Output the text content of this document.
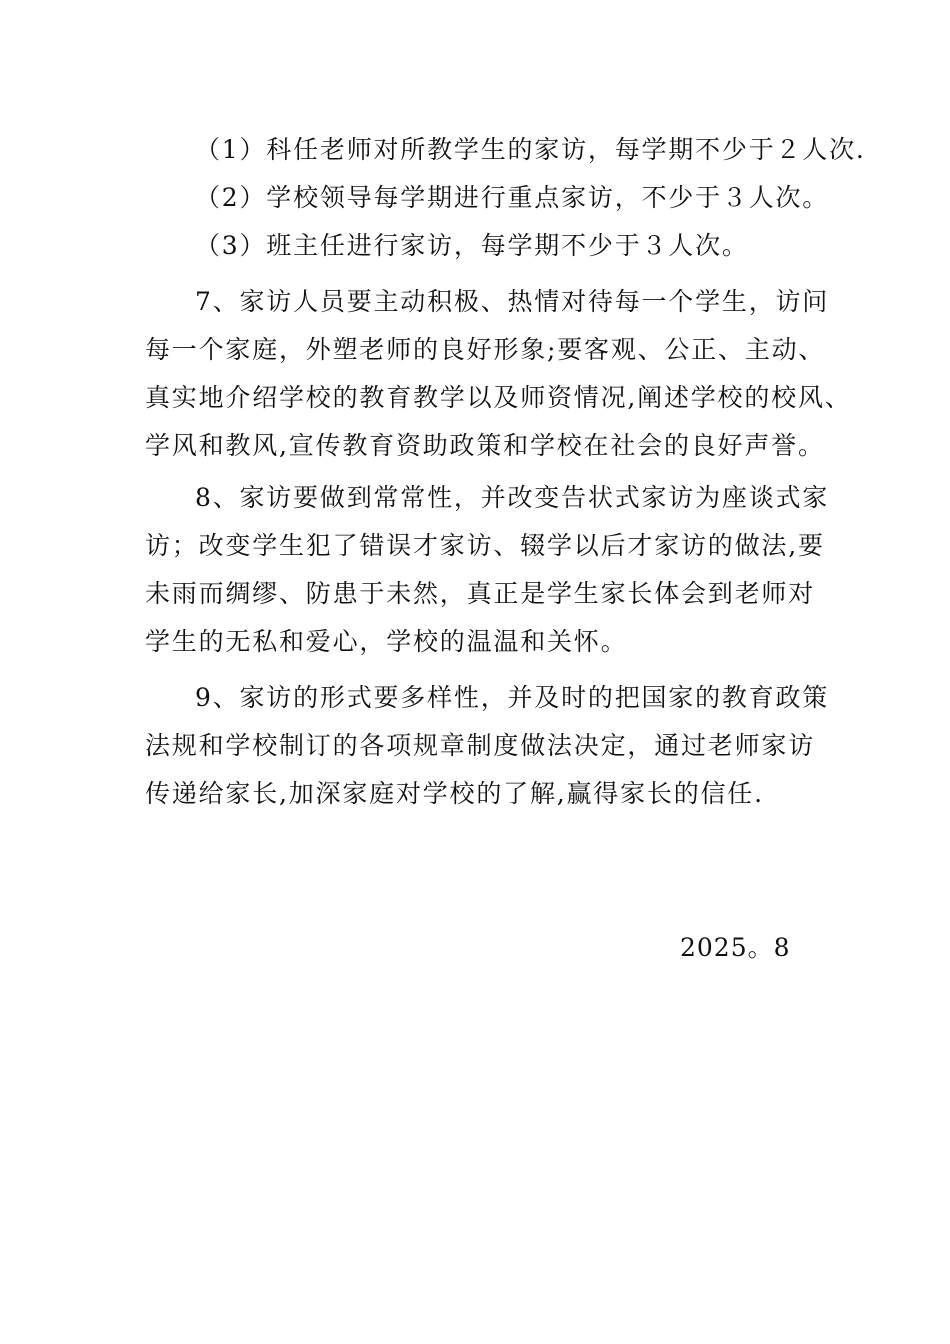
（1）科任老师对所教学生的家访，每学期不少于２人次.
（2）学校领导每学期进行重点家访，不少于３人次。
（3）班主任进行家访，每学期不少于３人次。
7、家访人员要主动积极、热情对待每一个学生，访问
每一个家庭，外塑老师的良好形象;要客观、公正、主动、
真实地介绍学校的教育教学以及师资情况,阐述学校的校风、
学风和教风,宣传教育资助政策和学校在社会的良好声誉。
8、家访要做到常常性，并改变告状式家访为座谈式家
访；改变学生犯了错误才家访、辍学以后才家访的做法,要
未雨而绸缪、防患于未然，真正是学生家长体会到老师对
学生的无私和爱心，学校的温温和关怀。
9、家访的形式要多样性，并及时的把国家的教育政策
法规和学校制订的各项规章制度做法决定，通过老师家访
传递给家长,加深家庭对学校的了解,赢得家长的信任.
2025。8
